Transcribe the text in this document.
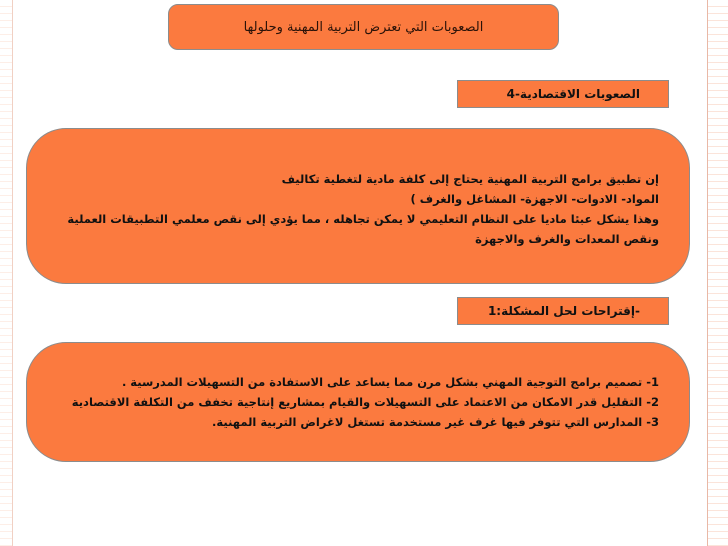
الصعوبات التي تعترض التربية المهنية وحلولها
الصعوبات الاقتصادية-4
إن تطبيق برامج التربية المهنية يحتاج إلى كلفة مادية لتغطية تكاليف
المواد- الادوات- الاجهزة- المشاغل والغرف )
وهذا يشكل عبئا ماديا على النظام التعليمي لا يمكن تجاهله ، مما يؤدي إلى نقص معلمي التطبيقات العملية
ونقص المعدات والغرف والاجهزة
إقتراحات لحل المشكلة:1-
1- تصميم برامج التوجية المهني بشكل مرن مما يساعد على الاستفادة من التسهيلات المدرسية .
2- التقليل قدر الامكان من الاعتماد على التسهيلات والقيام بمشاريع إنتاجية تخفف من التكلفة الاقتصادية
3- المدارس التي تتوفر فيها غرف غير مستخدمة تستغل لاغراض التربية المهنية.
